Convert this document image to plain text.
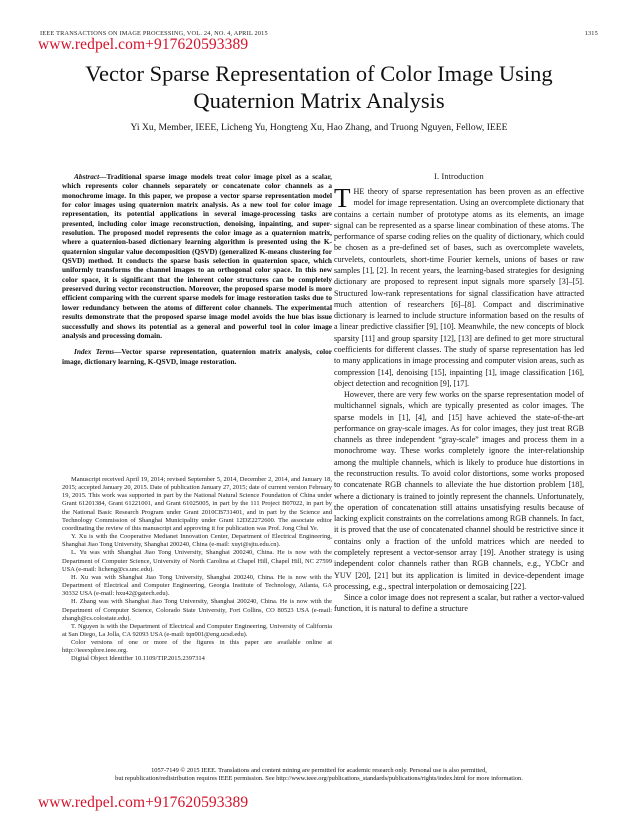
IEEE TRANSACTIONS ON IMAGE PROCESSING, VOL. 24, NO. 4, APRIL 2015	1315
www.redpel.com+917620593389
Vector Sparse Representation of Color Image Using
Quaternion Matrix Analysis
Yi Xu, Member, IEEE, Licheng Yu, Hongteng Xu, Hao Zhang, and Truong Nguyen, Fellow, IEEE

Abstract—Traditional sparse image models treat color image pixel as a scalar, which represents color channels separately or concatenate color channels as a monochrome image. In this paper, we propose a vector sparse representation model for color images using quaternion matrix analysis. As a new tool for color image representation, its potential applications in several image-processing tasks are presented, including color image reconstruction, denoising, inpainting, and super-resolution. The proposed model represents the color image as a quaternion matrix, where a quaternion-based dictionary learning algorithm is presented using the K-quaternion singular value decomposition (QSVD) (generalized K-means clustering for QSVD) method. It conducts the sparse basis selection in quaternion space, which uniformly transforms the channel images to an orthogonal color space. In this new color space, it is significant that the inherent color structures can be completely preserved during vector reconstruction. Moreover, the proposed sparse model is more efficient comparing with the current sparse models for image restoration tasks due to lower redundancy between the atoms of different color channels. The experimental results demonstrate that the proposed sparse image model avoids the hue bias issue successfully and shows its potential as a general and powerful tool in color image analysis and processing domain.

Index Terms—Vector sparse representation, quaternion matrix analysis, color image, dictionary learning, K-QSVD, image restoration.

Manuscript received April 19, 2014; revised September 5, 2014, December 2, 2014, and January 18, 2015; accepted January 20, 2015. Date of publication January 27, 2015; date of current version February 19, 2015. This work was supported in part by the National Natural Science Foundation of China under Grant 61201384, Grant 61221001, and Grant 61025005, in part by the 111 Project B07022, in part by the National Basic Research Program under Grant 2010CB731401, and in part by the Science and Technology Commission of Shanghai Municipality under Grant 12DZ2272600. The associate editor coordinating the review of this manuscript and approving it for publication was Prof. Jong Chul Ye.

Y. Xu is with the Cooperative Medianet Innovation Center, Department of Electrical Engineering, Shanghai Jiao Tong University, Shanghai 200240, China (e-mail: xuyi@sjtu.edu.cn).

L. Yu was with Shanghai Jiao Tong University, Shanghai 200240, China. He is now with the Department of Computer Science, University of North Carolina at Chapel Hill, Chapel Hill, NC 27599 USA (e-mail: licheng@cs.unc.edu).

H. Xu was with Shanghai Jiao Tong University, Shanghai 200240, China. He is now with the Department of Electrical and Computer Engineering, Georgia Institute of Technology, Atlanta, GA 30332 USA (e-mail: hxu42@gatech.edu).

H. Zhang was with Shanghai Jiao Tong University, Shanghai 200240, China. He is now with the Department of Computer Science, Colorado State University, Fort Collins, CO 80523 USA (e-mail: zhangh@cs.colostate.edu).

T. Nguyen is with the Department of Electrical and Computer Engineering, University of California at San Diego, La Jolla, CA 92093 USA (e-mail: tqn001@eng.ucsd.edu).

Color versions of one or more of the figures in this paper are available online at http://ieeexplore.ieee.org.

Digital Object Identifier 10.1109/TIP.2015.2397314

I. Introduction

THE theory of sparse representation has been proven as an effective model for image representation. Using an overcomplete dictionary that contains a certain number of prototype atoms as its elements, an image signal can be represented as a sparse linear combination of these atoms. The performance of sparse coding relies on the quality of dictionary, which could be chosen as a pre-defined set of bases, such as overcomplete wavelets, curvelets, contourlets, short-time Fourier kernels, unions of bases or raw samples [1], [2]. In recent years, the learning-based strategies for designing dictionary are proposed to represent input signals more sparsely [3]–[5]. Structured low-rank representations for signal classification have attracted much attention of researchers [6]–[8]. Compact and discriminative dictionary is learned to include structure information based on the results of a linear predictive classifier [9], [10]. Meanwhile, the new concepts of block sparsity [11] and group sparsity [12], [13] are defined to get more structural coefficients for different classes. The study of sparse representation has led to many applications in image processing and computer vision areas, such as compression [14], denoising [15], inpainting [1], image classification [16], object detection and recognition [9], [17].

However, there are very few works on the sparse representation model of multichannel signals, which are typically presented as color images. The sparse models in [1], [4], and [15] have achieved the state-of-the-art performance on gray-scale images. As for color images, they just treat RGB channels as three independent “gray-scale” images and process them in a monochrome way. These works completely ignore the inter-relationship among the multiple channels, which is likely to produce hue distortions in the reconstruction results. To avoid color distortions, some works proposed to concatenate RGB channels to alleviate the hue distortion problem [18], where a dictionary is trained to jointly represent the channels. Unfortunately, the operation of concatenation still attains unsatisfying results because of lacking explicit constraints on the correlations among RGB channels. In fact, it is proved that the use of concatenated channel should be restrictive since it contains only a fraction of the unfold matrices which are needed to completely represent a vector-sensor array [19]. Another strategy is using independent color channels rather than RGB channels, e.g., YCbCr and YUV [20], [21] but its application is limited in device-dependent image processing, e.g., spectral interpolation or demosaicing [22].

Since a color image does not represent a scalar, but rather a vector-valued function, it is natural to define a structure

1057-7149 © 2015 IEEE. Translations and content mining are permitted for academic research only. Personal use is also permitted,
but republication/redistribution requires IEEE permission. See http://www.ieee.org/publications_standards/publications/rights/index.html for more information.
www.redpel.com+917620593389
